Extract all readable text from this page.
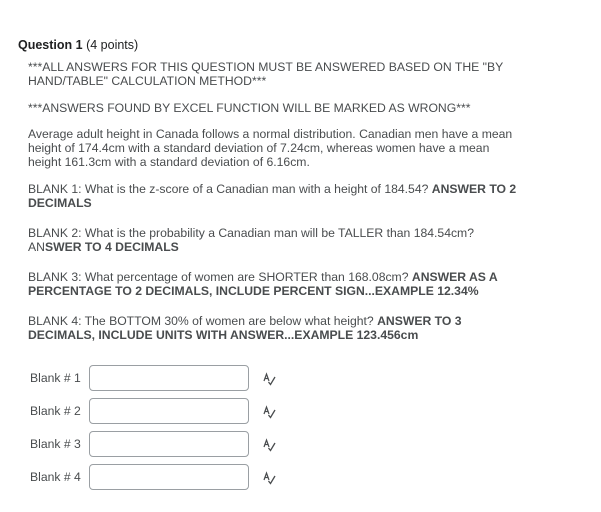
Question 1 (4 points)

***ALL ANSWERS FOR THIS QUESTION MUST BE ANSWERED BASED ON THE "BY HAND/TABLE" CALCULATION METHOD***

***ANSWERS FOUND BY EXCEL FUNCTION WILL BE MARKED AS WRONG***

Average adult height in Canada follows a normal distribution. Canadian men have a mean height of 174.4cm with a standard deviation of 7.24cm, whereas women have a mean height 161.3cm with a standard deviation of 6.16cm.

BLANK 1: What is the z-score of a Canadian man with a height of 184.54? ANSWER TO 2 DECIMALS

BLANK 2: What is the probability a Canadian man will be TALLER than 184.54cm? ANSWER TO 4 DECIMALS

BLANK 3: What percentage of women are SHORTER than 168.08cm? ANSWER AS A PERCENTAGE TO 2 DECIMALS, INCLUDE PERCENT SIGN...EXAMPLE 12.34%

BLANK 4: The BOTTOM 30% of women are below what height? ANSWER TO 3 DECIMALS, INCLUDE UNITS WITH ANSWER...EXAMPLE 123.456cm

Blank # 1
Blank # 2
Blank # 3
Blank # 4
